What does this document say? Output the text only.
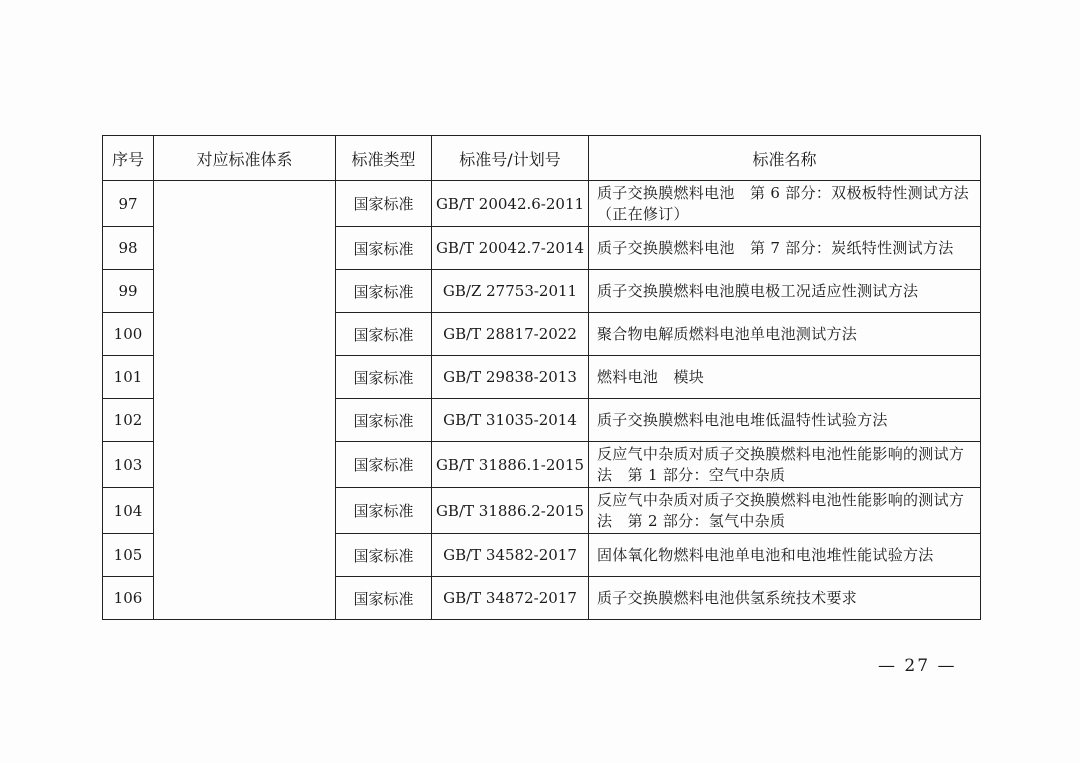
序号	对应标准体系	标准类型	标准号/计划号	标准名称
97		国家标准	GB/T 20042.6-2011	质子交换膜燃料电池　第 6 部分：双极板特性测试方法（正在修订）
98		国家标准	GB/T 20042.7-2014	质子交换膜燃料电池　第 7 部分：炭纸特性测试方法
99		国家标准	GB/Z 27753-2011	质子交换膜燃料电池膜电极工况适应性测试方法
100		国家标准	GB/T 28817-2022	聚合物电解质燃料电池单电池测试方法
101		国家标准	GB/T 29838-2013	燃料电池　模块
102		国家标准	GB/T 31035-2014	质子交换膜燃料电池电堆低温特性试验方法
103		国家标准	GB/T 31886.1-2015	反应气中杂质对质子交换膜燃料电池性能影响的测试方法　第 1 部分：空气中杂质
104		国家标准	GB/T 31886.2-2015	反应气中杂质对质子交换膜燃料电池性能影响的测试方法　第 2 部分：氢气中杂质
105		国家标准	GB/T 34582-2017	固体氧化物燃料电池单电池和电池堆性能试验方法
106		国家标准	GB/T 34872-2017	质子交换膜燃料电池供氢系统技术要求
— 27 —
